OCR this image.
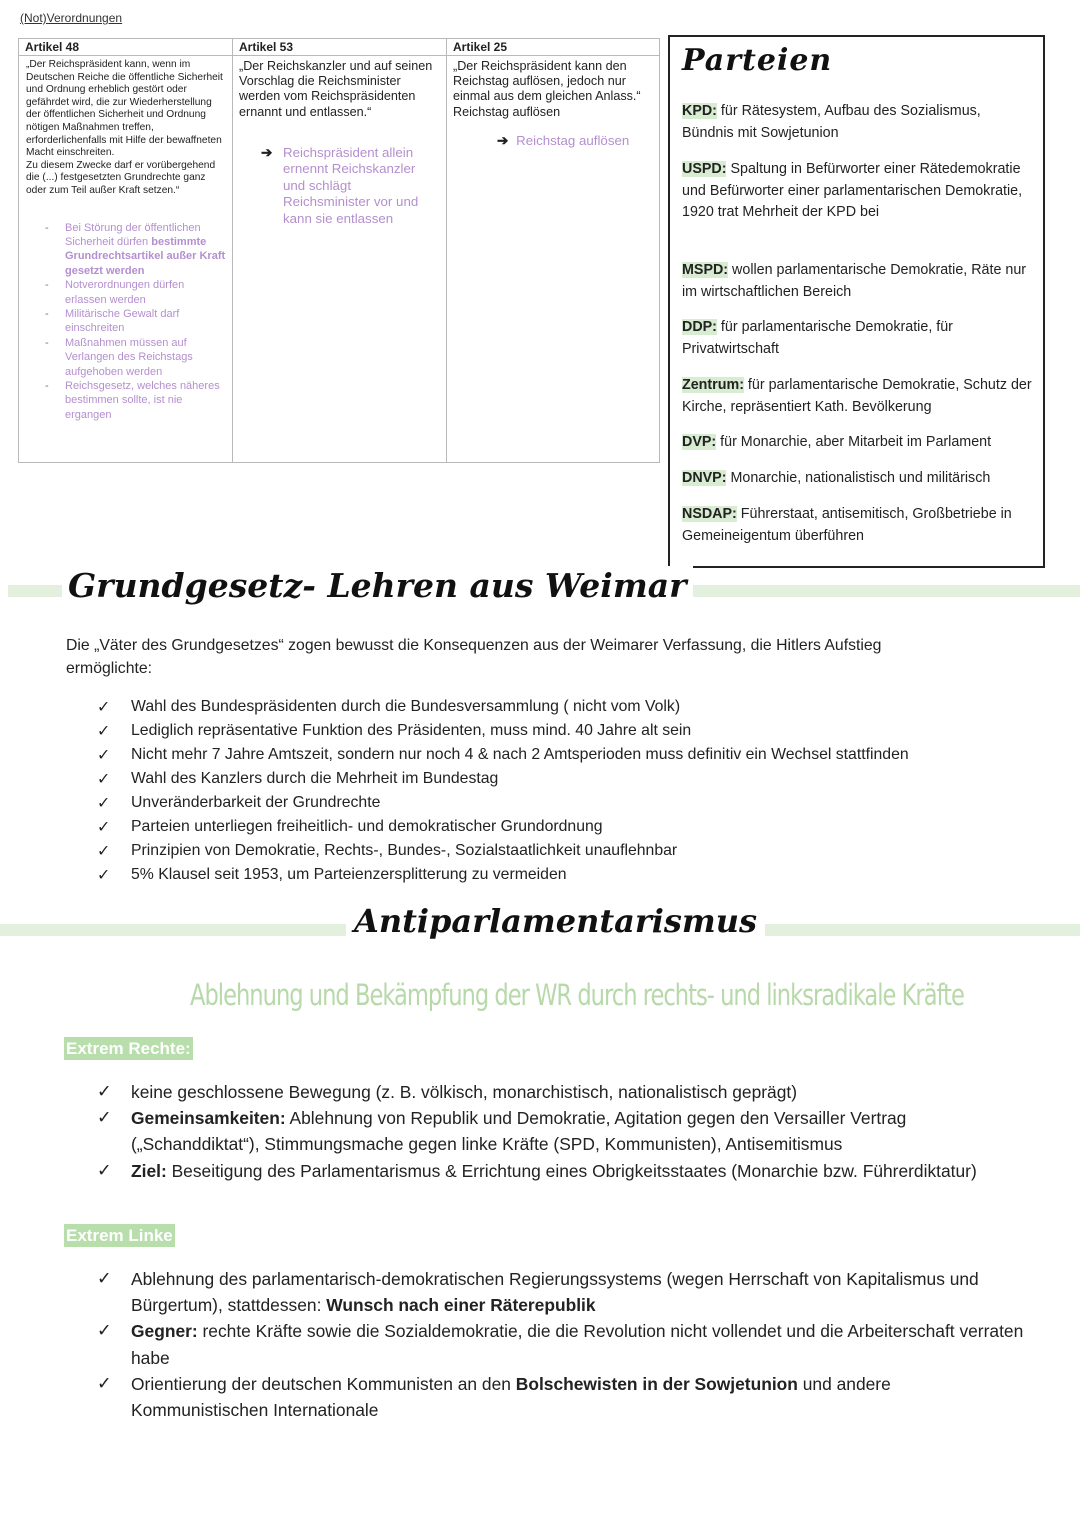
(Not)Verordnungen
Artikel 48
„Der Reichspräsident kann, wenn im Deutschen Reiche die öffentliche Sicherheit und Ordnung erheblich gestört oder gefährdet wird, die zur Wiederherstellung der öffentlichen Sicherheit und Ordnung nötigen Maßnahmen treffen, erforderlichenfalls mit Hilfe der bewaffneten Macht einschreiten.
Zu diesem Zwecke darf er vorübergehend die (...) festgesetzten Grundrechte ganz oder zum Teil außer Kraft setzen.“
- Bei Störung der öffentlichen Sicherheit dürfen bestimmte Grundrechtsartikel außer Kraft gesetzt werden
- Notverordnungen dürfen erlassen werden
- Militärische Gewalt darf einschreiten
- Maßnahmen müssen auf Verlangen des Reichstags aufgehoben werden
- Reichsgesetz, welches näheres bestimmen sollte, ist nie ergangen
Artikel 53
„Der Reichskanzler und auf seinen Vorschlag die Reichsminister werden vom Reichspräsidenten ernannt und entlassen.“
➔ Reichspräsident allein ernennt Reichskanzler und schlägt Reichsminister vor und kann sie entlassen
Artikel 25
„Der Reichspräsident kann den Reichstag auflösen, jedoch nur einmal aus dem gleichen Anlass.“
Reichstag auflösen
➔ Reichstag auflösen
Parteien
KPD: für Rätesystem, Aufbau des Sozialismus, Bündnis mit Sowjetunion
USPD: Spaltung in Befürworter einer Rätedemokratie und Befürworter einer parlamentarischen Demokratie, 1920 trat Mehrheit der KPD bei
MSPD: wollen parlamentarische Demokratie, Räte nur im wirtschaftlichen Bereich
DDP: für parlamentarische Demokratie, für Privatwirtschaft
Zentrum: für parlamentarische Demokratie, Schutz der Kirche, repräsentiert Kath. Bevölkerung
DVP: für Monarchie, aber Mitarbeit im Parlament
DNVP: Monarchie, nationalistisch und militärisch
NSDAP: Führerstaat, antisemitisch, Großbetriebe in Gemeineigentum überführen
Grundgesetz- Lehren aus Weimar
Die „Väter des Grundgesetzes“ zogen bewusst die Konsequenzen aus der Weimarer Verfassung, die Hitlers Aufstieg ermöglichte:
✓ Wahl des Bundespräsidenten durch die Bundesversammlung ( nicht vom Volk)
✓ Lediglich repräsentative Funktion des Präsidenten, muss mind. 40 Jahre alt sein
✓ Nicht mehr 7 Jahre Amtszeit, sondern nur noch 4 & nach 2 Amtsperioden muss definitiv ein Wechsel stattfinden
✓ Wahl des Kanzlers durch die Mehrheit im Bundestag
✓ Unveränderbarkeit der Grundrechte
✓ Parteien unterliegen freiheitlich- und demokratischer Grundordnung
✓ Prinzipien von Demokratie, Rechts-, Bundes-, Sozialstaatlichkeit unauflehnbar
✓ 5% Klausel seit 1953, um Parteienzersplitterung zu vermeiden
Antiparlamentarismus
Ablehnung und Bekämpfung der WR durch rechts- und linksradikale Kräfte
Extrem Rechte:
✓ keine geschlossene Bewegung (z. B. völkisch, monarchistisch, nationalistisch geprägt)
✓ Gemeinsamkeiten: Ablehnung von Republik und Demokratie, Agitation gegen den Versailler Vertrag („Schanddiktat“), Stimmungsmache gegen linke Kräfte (SPD, Kommunisten), Antisemitismus
✓ Ziel: Beseitigung des Parlamentarismus & Errichtung eines Obrigkeitsstaates (Monarchie bzw. Führerdiktatur)
Extrem Linke
✓ Ablehnung des parlamentarisch-demokratischen Regierungssystems (wegen Herrschaft von Kapitalismus und Bürgertum), stattdessen: Wunsch nach einer Räterepublik
✓ Gegner: rechte Kräfte sowie die Sozialdemokratie, die die Revolution nicht vollendet und die Arbeiterschaft verraten habe
✓ Orientierung der deutschen Kommunisten an den Bolschewisten in der Sowjetunion und andere Kommunistischen Internationale
